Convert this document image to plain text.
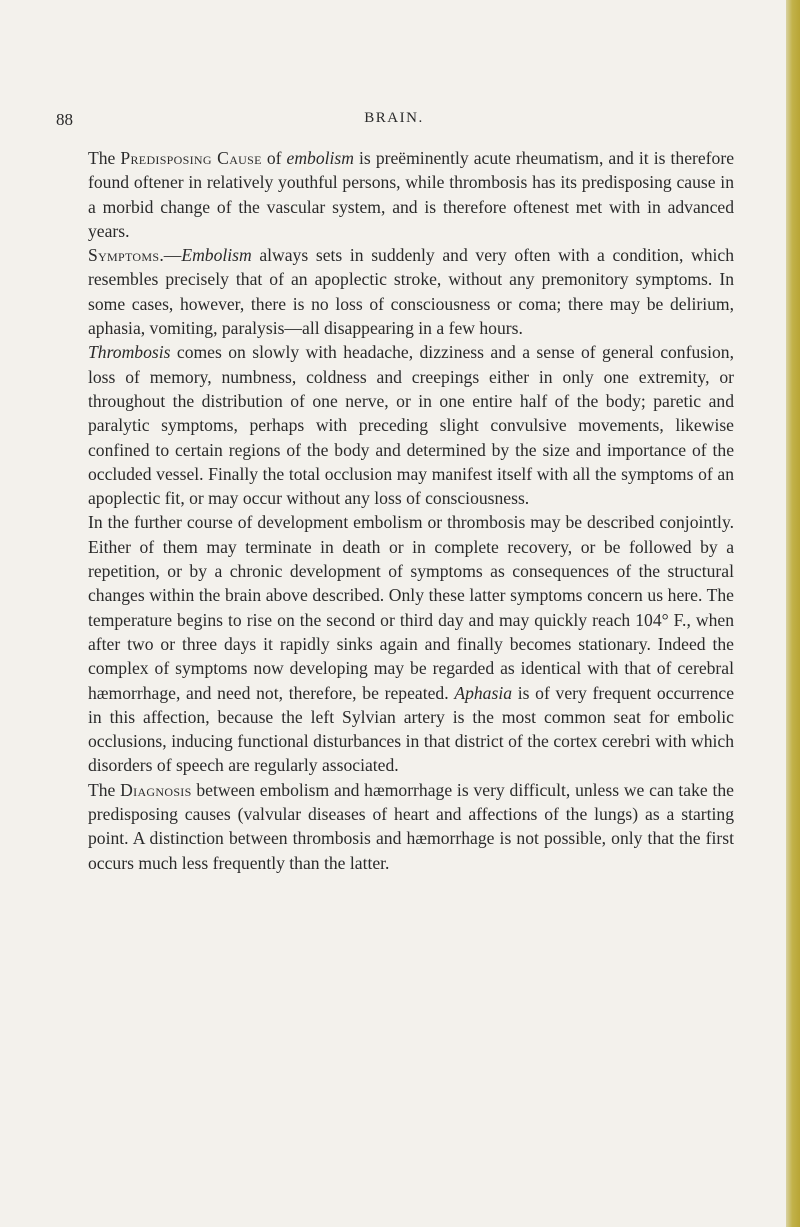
88	BRAIN.

The Predisposing Cause of embolism is preëminently acute rheumatism, and it is therefore found oftener in relatively youthful persons, while thrombosis has its predisposing cause in a morbid change of the vascular system, and is therefore oftenest met with in advanced years.

Symptoms.—Embolism always sets in suddenly and very often with a condition, which resembles precisely that of an apoplectic stroke, without any premonitory symptoms. In some cases, however, there is no loss of consciousness or coma; there may be delirium, aphasia, vomiting, paralysis—all disappearing in a few hours.

Thrombosis comes on slowly with headache, dizziness and a sense of general confusion, loss of memory, numbness, coldness and creepings either in only one extremity, or throughout the distribution of one nerve, or in one entire half of the body; paretic and paralytic symptoms, perhaps with preceding slight convulsive movements, likewise confined to certain regions of the body and determined by the size and importance of the occluded vessel. Finally the total occlusion may manifest itself with all the symptoms of an apoplectic fit, or may occur without any loss of consciousness.

In the further course of development embolism or thrombosis may be described conjointly. Either of them may terminate in death or in complete recovery, or be followed by a repetition, or by a chronic development of symptoms as consequences of the structural changes within the brain above described. Only these latter symptoms concern us here. The temperature begins to rise on the second or third day and may quickly reach 104° F., when after two or three days it rapidly sinks again and finally becomes stationary. Indeed the complex of symptoms now developing may be regarded as identical with that of cerebral hæmorrhage, and need not, therefore, be repeated. Aphasia is of very frequent occurrence in this affection, because the left Sylvian artery is the most common seat for embolic occlusions, inducing functional disturbances in that district of the cortex cerebri with which disorders of speech are regularly associated.

The Diagnosis between embolism and hæmorrhage is very difficult, unless we can take the predisposing causes (valvular diseases of heart and affections of the lungs) as a starting point. A distinction between thrombosis and hæmorrhage is not possible, only that the first occurs much less frequently than the latter.
